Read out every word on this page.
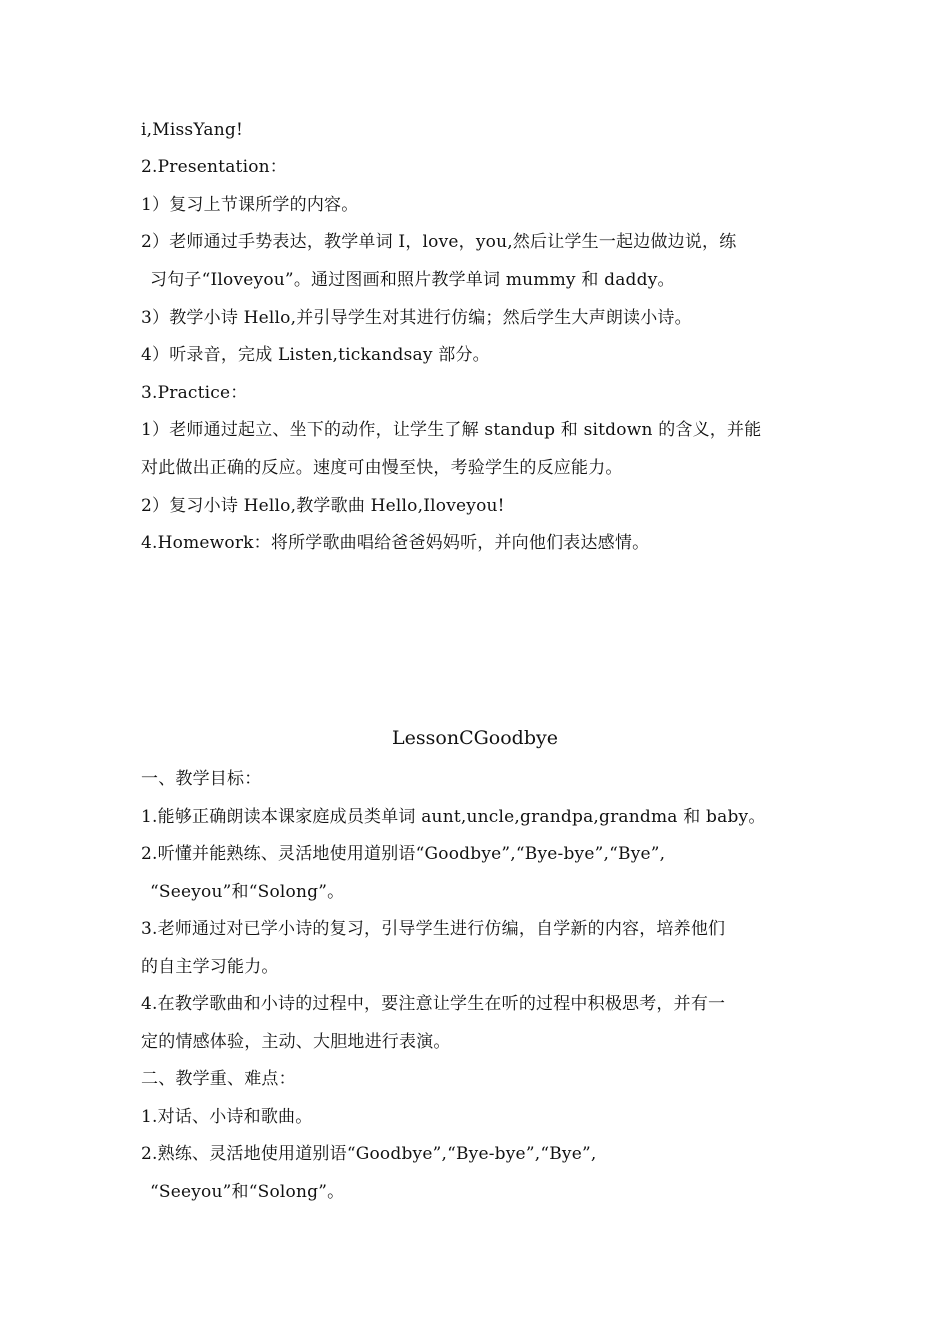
i,MissYang!
2.Presentation：
1）复习上节课所学的内容。
2）老师通过手势表达，教学单词 I，love，you,然后让学生一起边做边说，练
习句子“Iloveyou”。通过图画和照片教学单词 mummy 和 daddy。
3）教学小诗 Hello,并引导学生对其进行仿编；然后学生大声朗读小诗。
4）听录音，完成 Listen,tickandsay 部分。
3.Practice：
1）老师通过起立、坐下的动作，让学生了解 standup 和 sitdown 的含义，并能
对此做出正确的反应。速度可由慢至快，考验学生的反应能力。
2）复习小诗 Hello,教学歌曲 Hello,Iloveyou!
4.Homework：将所学歌曲唱给爸爸妈妈听，并向他们表达感情。
LessonCGoodbye
一、教学目标：
1.能够正确朗读本课家庭成员类单词 aunt,uncle,grandpa,grandma 和 baby。
2.听懂并能熟练、灵活地使用道别语“Goodbye”,“Bye-bye”,“Bye”,
“Seeyou”和“Solong”。
3.老师通过对已学小诗的复习，引导学生进行仿编，自学新的内容，培养他们
的自主学习能力。
4.在教学歌曲和小诗的过程中，要注意让学生在听的过程中积极思考，并有一
定的情感体验，主动、大胆地进行表演。
二、教学重、难点：
1.对话、小诗和歌曲。
2.熟练、灵活地使用道别语“Goodbye”,“Bye-bye”,“Bye”,
“Seeyou”和“Solong”。
